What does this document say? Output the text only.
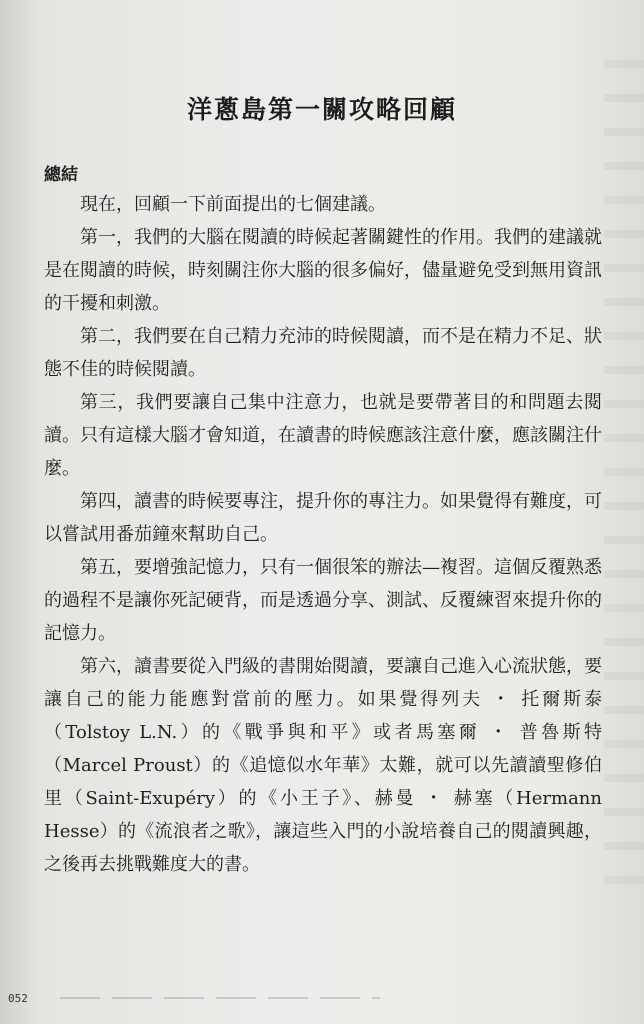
洋蔥島第一關攻略回顧
總結

現在，回顧一下前面提出的七個建議。

第一，我們的大腦在閱讀的時候起著關鍵性的作用。我們的建議就是在閱讀的時候，時刻關注你大腦的很多偏好，儘量避免受到無用資訊的干擾和刺激。

第二，我們要在自己精力充沛的時候閱讀，而不是在精力不足、狀態不佳的時候閱讀。

第三，我們要讓自己集中注意力，也就是要帶著目的和問題去閱讀。只有這樣大腦才會知道，在讀書的時候應該注意什麼，應該關注什麼。

第四，讀書的時候要專注，提升你的專注力。如果覺得有難度，可以嘗試用番茄鐘來幫助自己。

第五，要增強記憶力，只有一個很笨的辦法—複習。這個反覆熟悉的過程不是讓你死記硬背，而是透過分享、測試、反覆練習來提升你的記憶力。

第六，讀書要從入門級的書開始閱讀，要讓自己進入心流狀態，要讓自己的能力能應對當前的壓力。如果覺得列夫 ・ 托爾斯泰（Tolstoy L.N.）的《戰爭與和平》或者馬塞爾 ・ 普魯斯特（Marcel Proust）的《追憶似水年華》太難，就可以先讀讀聖修伯里（Saint-Exupéry）的《小王子》、赫曼 ・ 赫塞（Hermann Hesse）的《流浪者之歌》，讓這些入門的小說培養自己的閱讀興趣，之後再去挑戰難度大的書。

052
